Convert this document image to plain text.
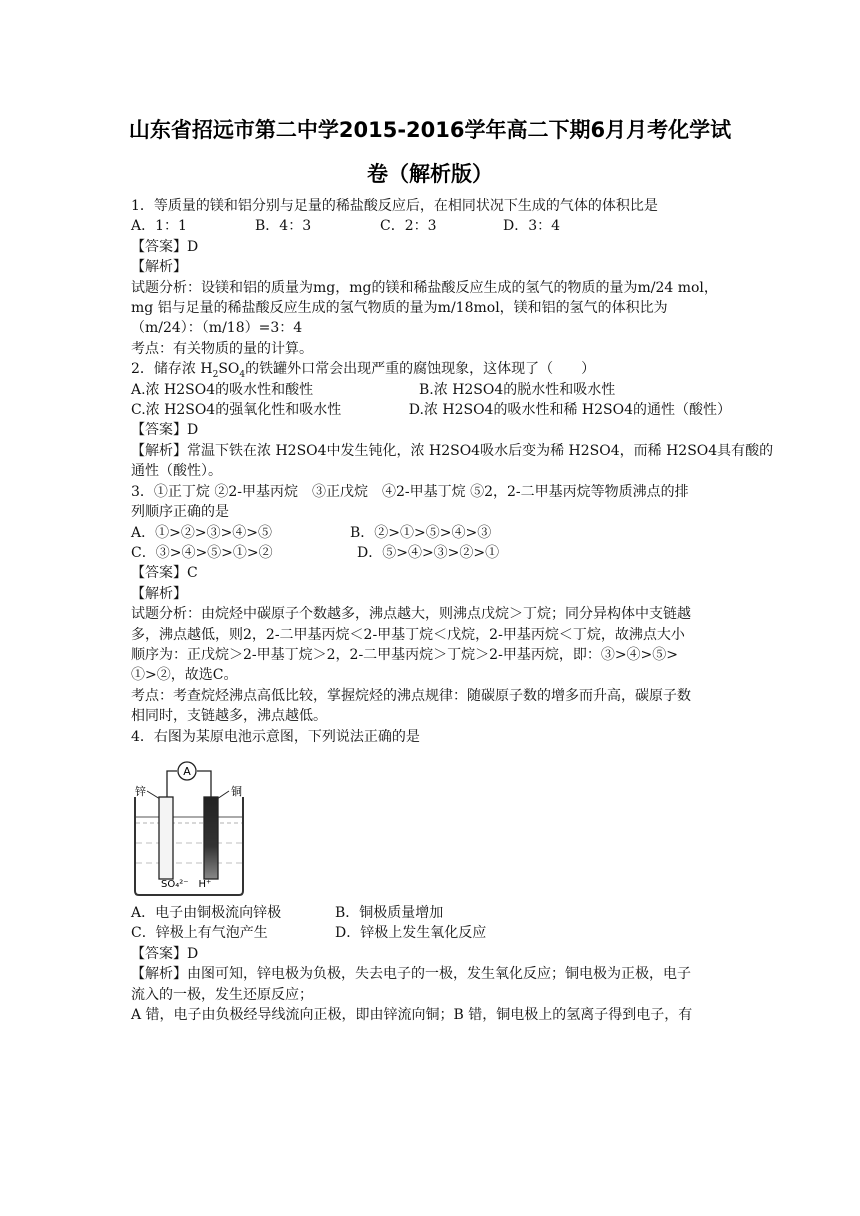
山东省招远市第二中学2015-2016学年高二下期6月月考化学试
卷（解析版）

1．等质量的镁和铝分别与足量的稀盐酸反应后，在相同状况下生成的气体的体积比是

A．1：1	B．4：3	C．2：3	D．3：4

【答案】D

【解析】

试题分析：设镁和铝的质量为mg，mg的镁和稀盐酸反应生成的氢气的物质的量为m/24 mol，

mg 铝与足量的稀盐酸反应生成的氢气物质的量为m/18mol，镁和铝的氢气的体积比为

（m/24）：（m/18）=3：4

考点：有关物质的量的计算。

2．储存浓 $H_2SO_4$的铁罐外口常会出现严重的腐蚀现象，这体现了（　　）

A.浓 H2SO4的吸水性和酸性	B.浓 H2SO4的脱水性和吸水性
C.浓 H2SO4的强氧化性和吸水性	D.浓 H2SO4的吸水性和稀 H2SO4的通性（酸性）

【答案】D

【解析】常温下铁在浓 H2SO4中发生钝化，浓 H2SO4吸水后变为稀 H2SO4，而稀 H2SO4具有酸的

通性（酸性）。

3．①正丁烷 ②2-甲基丙烷　③正戊烷　④2-甲基丁烷 ⑤2，2-二甲基丙烷等物质沸点的排

列顺序正确的是

A．①>②>③>④>⑤	B．②>①>⑤>④>③
C．③>④>⑤>①>②	D．⑤>④>③>②>①

【答案】C

【解析】

试题分析：由烷烃中碳原子个数越多，沸点越大，则沸点戊烷＞丁烷；同分异构体中支链越

多，沸点越低，则2，2-二甲基丙烷＜2-甲基丁烷＜戊烷，2-甲基丙烷＜丁烷，故沸点大小

顺序为：正戊烷＞2-甲基丁烷＞2，2-二甲基丙烷＞丁烷＞2-甲基丙烷，即：③>④>⑤>

①>②，故选C。

考点：考查烷烃沸点高低比较，掌握烷烃的沸点规律：随碳原子数的增多而升高，碳原子数

相同时，支链越多，沸点越低。

4．右图为某原电池示意图，下列说法正确的是

A
锌	铜
SO₄²⁻　H⁺
A．电子由铜极流向锌极	B．铜极质量增加
C．锌极上有气泡产生	D．锌极上发生氧化反应

【答案】D

【解析】由图可知，锌电极为负极，失去电子的一极，发生氧化反应；铜电极为正极，电子

流入的一极，发生还原反应；

A 错，电子由负极经导线流向正极，即由锌流向铜；B 错，铜电极上的氢离子得到电子，有
